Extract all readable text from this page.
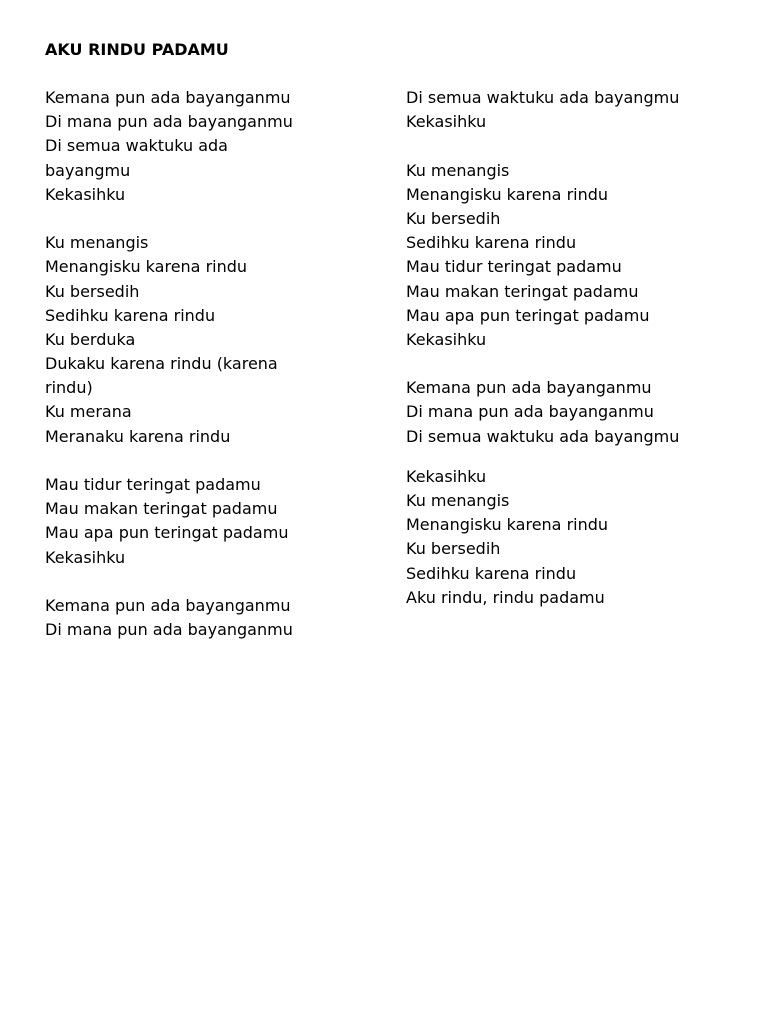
AKU RINDU PADAMU
Kemana pun ada bayanganmu
Di mana pun ada bayanganmu
Di semua waktuku ada
bayangmu
Kekasihku
Ku menangis
Menangisku karena rindu
Ku bersedih
Sedihku karena rindu
Ku berduka
Dukaku karena rindu (karena
rindu)
Ku merana
Meranaku karena rindu
Mau tidur teringat padamu
Mau makan teringat padamu
Mau apa pun teringat padamu
Kekasihku
Kemana pun ada bayanganmu
Di mana pun ada bayanganmu
Di semua waktuku ada bayangmu
Kekasihku
Ku menangis
Menangisku karena rindu
Ku bersedih
Sedihku karena rindu
Mau tidur teringat padamu
Mau makan teringat padamu
Mau apa pun teringat padamu
Kekasihku
Kemana pun ada bayanganmu
Di mana pun ada bayanganmu
Di semua waktuku ada bayangmu
Kekasihku
Ku menangis
Menangisku karena rindu
Ku bersedih
Sedihku karena rindu
Aku rindu, rindu padamu
